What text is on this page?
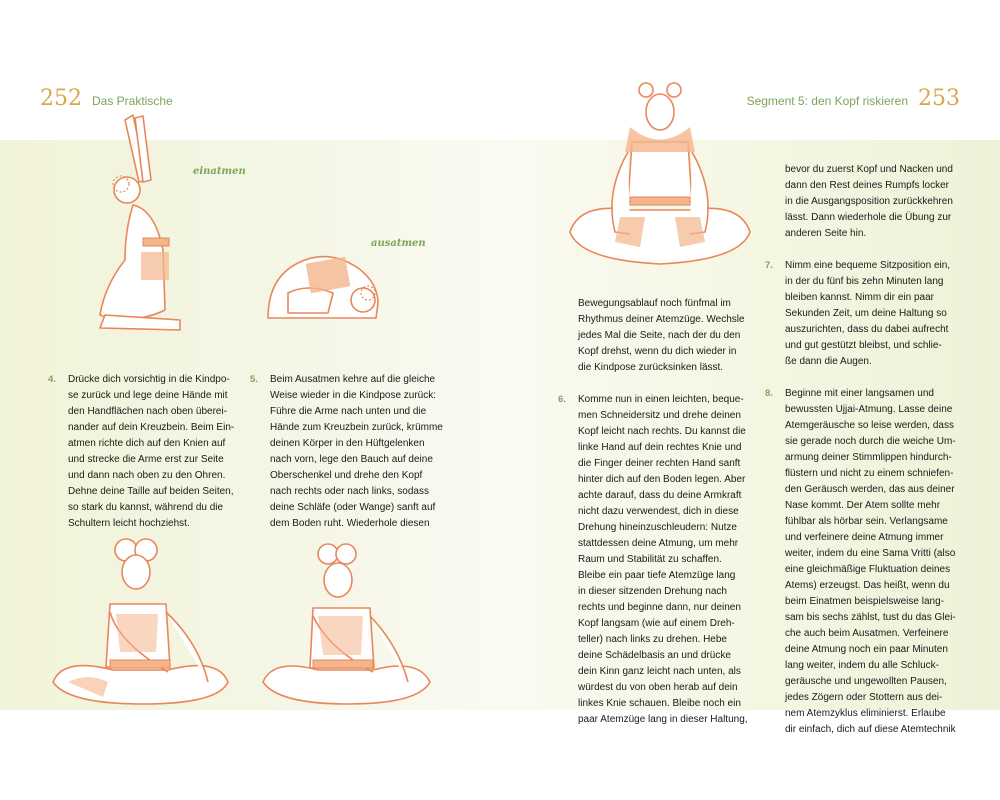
252 Das Praktische	Segment 5: den Kopf riskieren 253
einatmen
ausatmen
4. Drücke dich vorsichtig in die Kindpo-

se zurück und lege deine Hände mit

den Handflächen nach oben überei-

nander auf dein Kreuzbein. Beim Ein-

atmen richte dich auf den Knien auf

und strecke die Arme erst zur Seite

und dann nach oben zu den Ohren.

Dehne deine Taille auf beiden Seiten,

so stark du kannst, während du die

Schultern leicht hochziehst.

5. Beim Ausatmen kehre auf die gleiche

Weise wieder in die Kindpose zurück:

Führe die Arme nach unten und die

Hände zum Kreuzbein zurück, krümme

deinen Körper in den Hüftgelenken

nach vorn, lege den Bauch auf deine

Oberschenkel und drehe den Kopf

nach rechts oder nach links, sodass

deine Schläfe (oder Wange) sanft auf

dem Boden ruht. Wiederhole diesen

Bewegungsablauf noch fünfmal im

Rhythmus deiner Atemzüge. Wechsle

jedes Mal die Seite, nach der du den

Kopf drehst, wenn du dich wieder in

die Kindpose zurücksinken lässt.

6. Komme nun in einen leichten, beque-

men Schneidersitz und drehe deinen

Kopf leicht nach rechts. Du kannst die

linke Hand auf dein rechtes Knie und

die Finger deiner rechten Hand sanft

hinter dich auf den Boden legen. Aber

achte darauf, dass du deine Armkraft

nicht dazu verwendest, dich in diese

Drehung hineinzuschleudern: Nutze

stattdessen deine Atmung, um mehr

Raum und Stabilität zu schaffen.

Bleibe ein paar tiefe Atemzüge lang

in dieser sitzenden Drehung nach

rechts und beginne dann, nur deinen

Kopf langsam (wie auf einem Dreh-

teller) nach links zu drehen. Hebe

deine Schädelbasis an und drücke

dein Kinn ganz leicht nach unten, als

würdest du von oben herab auf dein

linkes Knie schauen. Bleibe noch ein

paar Atemzüge lang in dieser Haltung,

bevor du zuerst Kopf und Nacken und

dann den Rest deines Rumpfs locker

in die Ausgangsposition zurückkehren

lässt. Dann wiederhole die Übung zur

anderen Seite hin.

7. Nimm eine bequeme Sitzposition ein,

in der du fünf bis zehn Minuten lang

bleiben kannst. Nimm dir ein paar

Sekunden Zeit, um deine Haltung so

auszurichten, dass du dabei aufrecht

und gut gestützt bleibst, und schlie-

ße dann die Augen.

8. Beginne mit einer langsamen und

bewussten Ujjai-Atmung. Lasse deine

Atemgeräusche so leise werden, dass

sie gerade noch durch die weiche Um-

armung deiner Stimmlippen hindurch-

flüstern und nicht zu einem schniefen-

den Geräusch werden, das aus deiner

Nase kommt. Der Atem sollte mehr

fühlbar als hörbar sein. Verlangsame

und verfeinere deine Atmung immer

weiter, indem du eine Sama Vritti (also

eine gleichmäßige Fluktuation deines

Atems) erzeugst. Das heißt, wenn du

beim Einatmen beispielsweise lang-

sam bis sechs zählst, tust du das Glei-

che auch beim Ausatmen. Verfeinere

deine Atmung noch ein paar Minuten

lang weiter, indem du alle Schluck-

geräusche und ungewollten Pausen,

jedes Zögern oder Stottern aus dei-

nem Atemzyklus eliminierst. Erlaube

dir einfach, dich auf diese Atemtechnik
